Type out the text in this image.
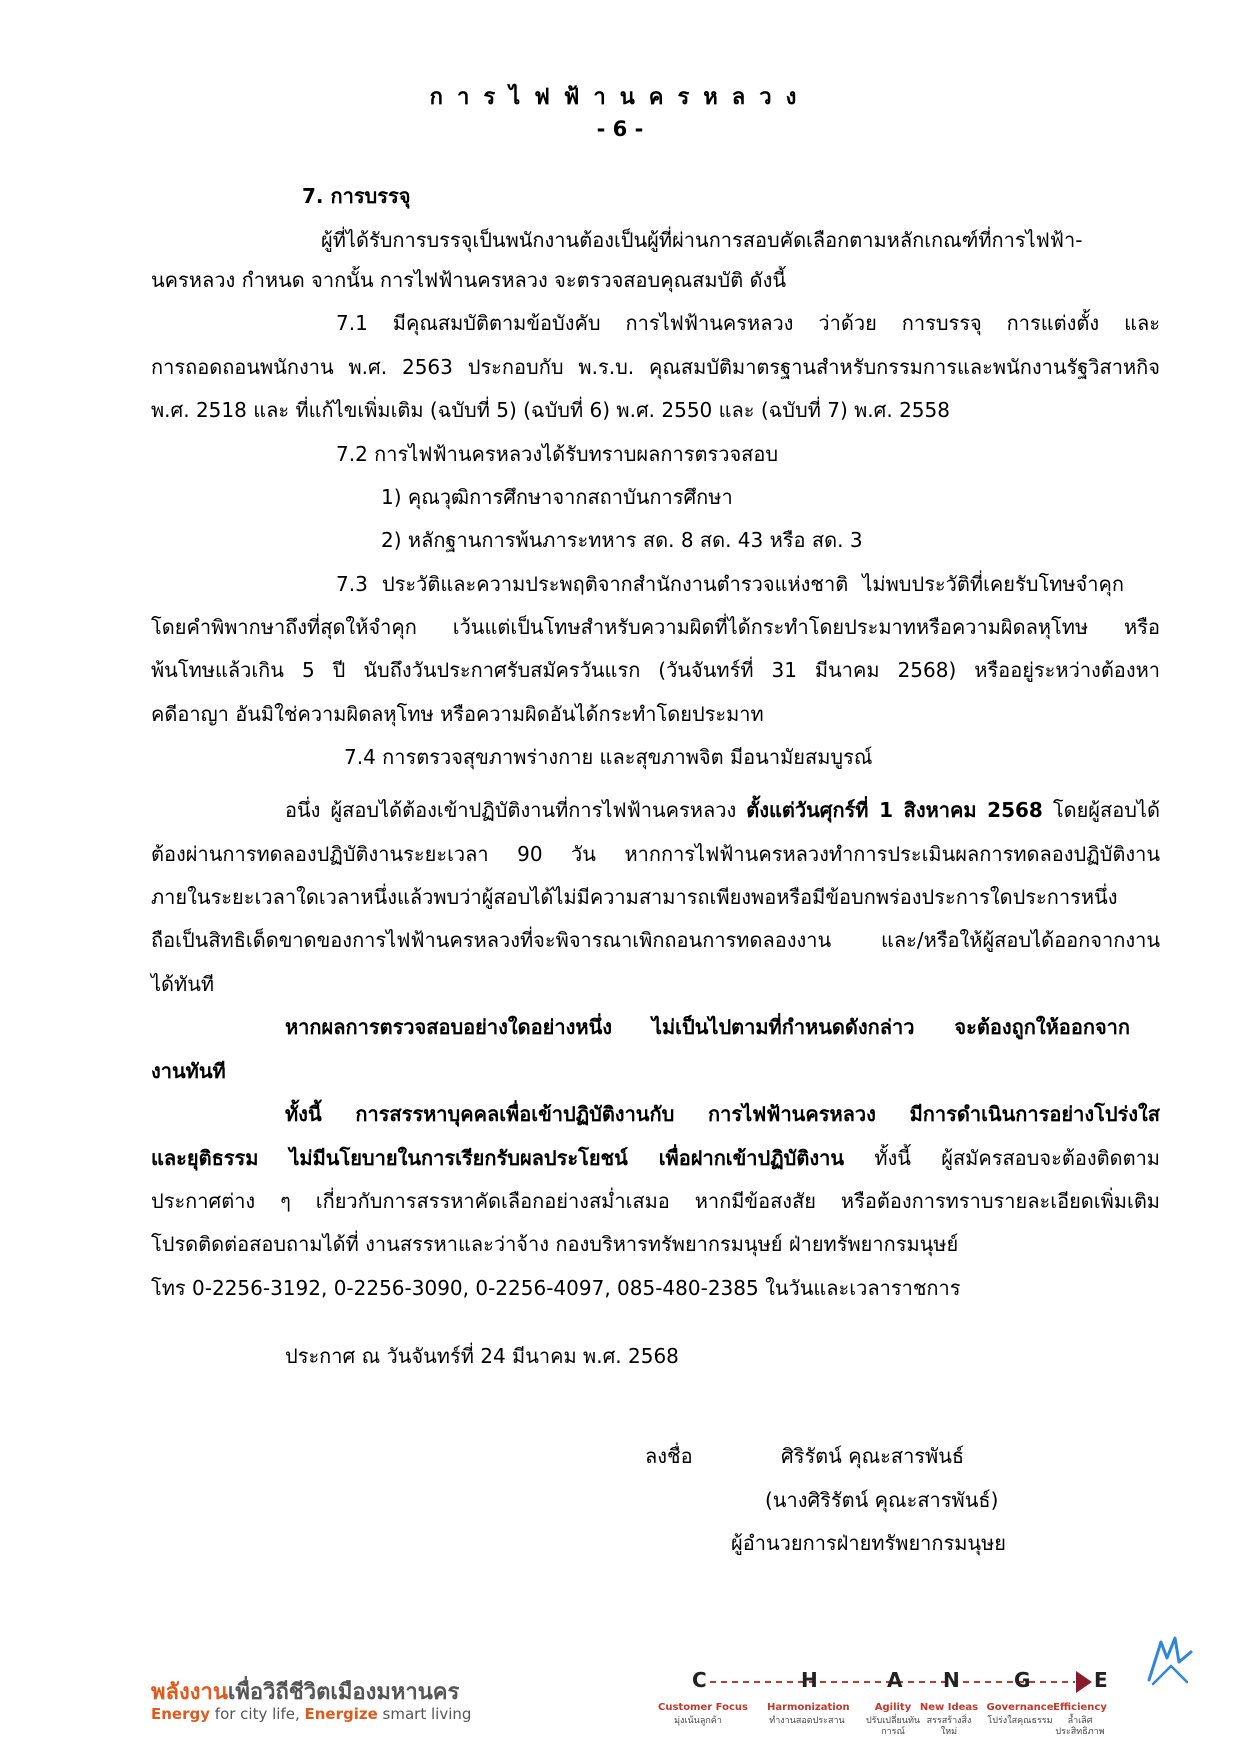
การไฟฟ้านครหลวง
- 6 -
7. การบรรจุ
ผู้ที่ได้รับการบรรจุเป็นพนักงานต้องเป็นผู้ที่ผ่านการสอบคัดเลือกตามหลักเกณฑ์ที่การไฟฟ้า-
นครหลวง กำหนด จากนั้น การไฟฟ้านครหลวง จะตรวจสอบคุณสมบัติ ดังนี้
7.1 มีคุณสมบัติตามข้อบังคับ การไฟฟ้านครหลวง ว่าด้วย การบรรจุ การแต่งตั้ง และ
การถอดถอนพนักงาน พ.ศ. 2563 ประกอบกับ พ.ร.บ. คุณสมบัติมาตรฐานสำหรับกรรมการและพนักงานรัฐวิสาหกิจ
พ.ศ. 2518 และ ที่แก้ไขเพิ่มเติม (ฉบับที่ 5) (ฉบับที่ 6) พ.ศ. 2550 และ (ฉบับที่ 7) พ.ศ. 2558
7.2 การไฟฟ้านครหลวงได้รับทราบผลการตรวจสอบ
1) คุณวุฒิการศึกษาจากสถาบันการศึกษา
2) หลักฐานการพ้นภาระทหาร สด. 8 สด. 43 หรือ สด. 3
7.3 ประวัติและความประพฤติจากสำนักงานตำรวจแห่งชาติ ไม่พบประวัติที่เคยรับโทษจำคุก
โดยคำพิพากษาถึงที่สุดให้จำคุก เว้นแต่เป็นโทษสำหรับความผิดที่ได้กระทำโดยประมาทหรือความผิดลหุโทษ หรือ
พ้นโทษแล้วเกิน 5 ปี นับถึงวันประกาศรับสมัครวันแรก (วันจันทร์ที่ 31 มีนาคม 2568) หรืออยู่ระหว่างต้องหา
คดีอาญา อันมิใช่ความผิดลหุโทษ หรือความผิดอันได้กระทำโดยประมาท
7.4 การตรวจสุขภาพร่างกาย และสุขภาพจิต มีอนามัยสมบูรณ์
อนึ่ง ผู้สอบได้ต้องเข้าปฏิบัติงานที่การไฟฟ้านครหลวง ตั้งแต่วันศุกร์ที่ 1 สิงหาคม 2568 โดยผู้สอบได้
ต้องผ่านการทดลองปฏิบัติงานระยะเวลา 90 วัน หากการไฟฟ้านครหลวงทำการประเมินผลการทดลองปฏิบัติงาน
ภายในระยะเวลาใดเวลาหนึ่งแล้วพบว่าผู้สอบได้ไม่มีความสามารถเพียงพอหรือมีข้อบกพร่องประการใดประการหนึ่ง
ถือเป็นสิทธิเด็ดขาดของการไฟฟ้านครหลวงที่จะพิจารณาเพิกถอนการทดลองงาน และ/หรือให้ผู้สอบได้ออกจากงาน
ได้ทันที
หากผลการตรวจสอบอย่างใดอย่างหนึ่ง ไม่เป็นไปตามที่กำหนดดังกล่าว จะต้องถูกให้ออกจาก
งานทันที
ทั้งนี้ การสรรหาบุคคลเพื่อเข้าปฏิบัติงานกับ การไฟฟ้านครหลวง มีการดำเนินการอย่างโปร่งใส
และยุติธรรม ไม่มีนโยบายในการเรียกรับผลประโยชน์ เพื่อฝากเข้าปฏิบัติงาน ทั้งนี้ ผู้สมัครสอบจะต้องติดตาม
ประกาศต่าง ๆ เกี่ยวกับการสรรหาคัดเลือกอย่างสม่ำเสมอ หากมีข้อสงสัย หรือต้องการทราบรายละเอียดเพิ่มเติม
โปรดติดต่อสอบถามได้ที่ งานสรรหาและว่าจ้าง กองบริหารทรัพยากรมนุษย์ ฝ่ายทรัพยากรมนุษย์
โทร 0-2256-3192, 0-2256-3090, 0-2256-4097, 085-480-2385 ในวันและเวลาราชการ
ประกาศ ณ วันจันทร์ที่ 24 มีนาคม พ.ศ. 2568
ลงชื่อ	ศิริรัตน์ คุณะสารพันธ์
(นางศิริรัตน์ คุณะสารพันธ์)
ผู้อำนวยการฝ่ายทรัพยากรมนุษย
พลังงานเพื่อวิถีชีวิตเมืองมหานคร
Energy for city life, Energize smart living
C	H	A N	G	E
Customer Focus Harmonization	Agility New Ideas Governance Efficiency
มุ่งเน้นลูกค้า	ทำงานสอดประสาน	ปรับเปลี่ยนทันการณ์
สรรสร้างสิ่งใหม่
โปร่งใสคุณธรรม	ล้ำเลิศประสิทธิภาพ
